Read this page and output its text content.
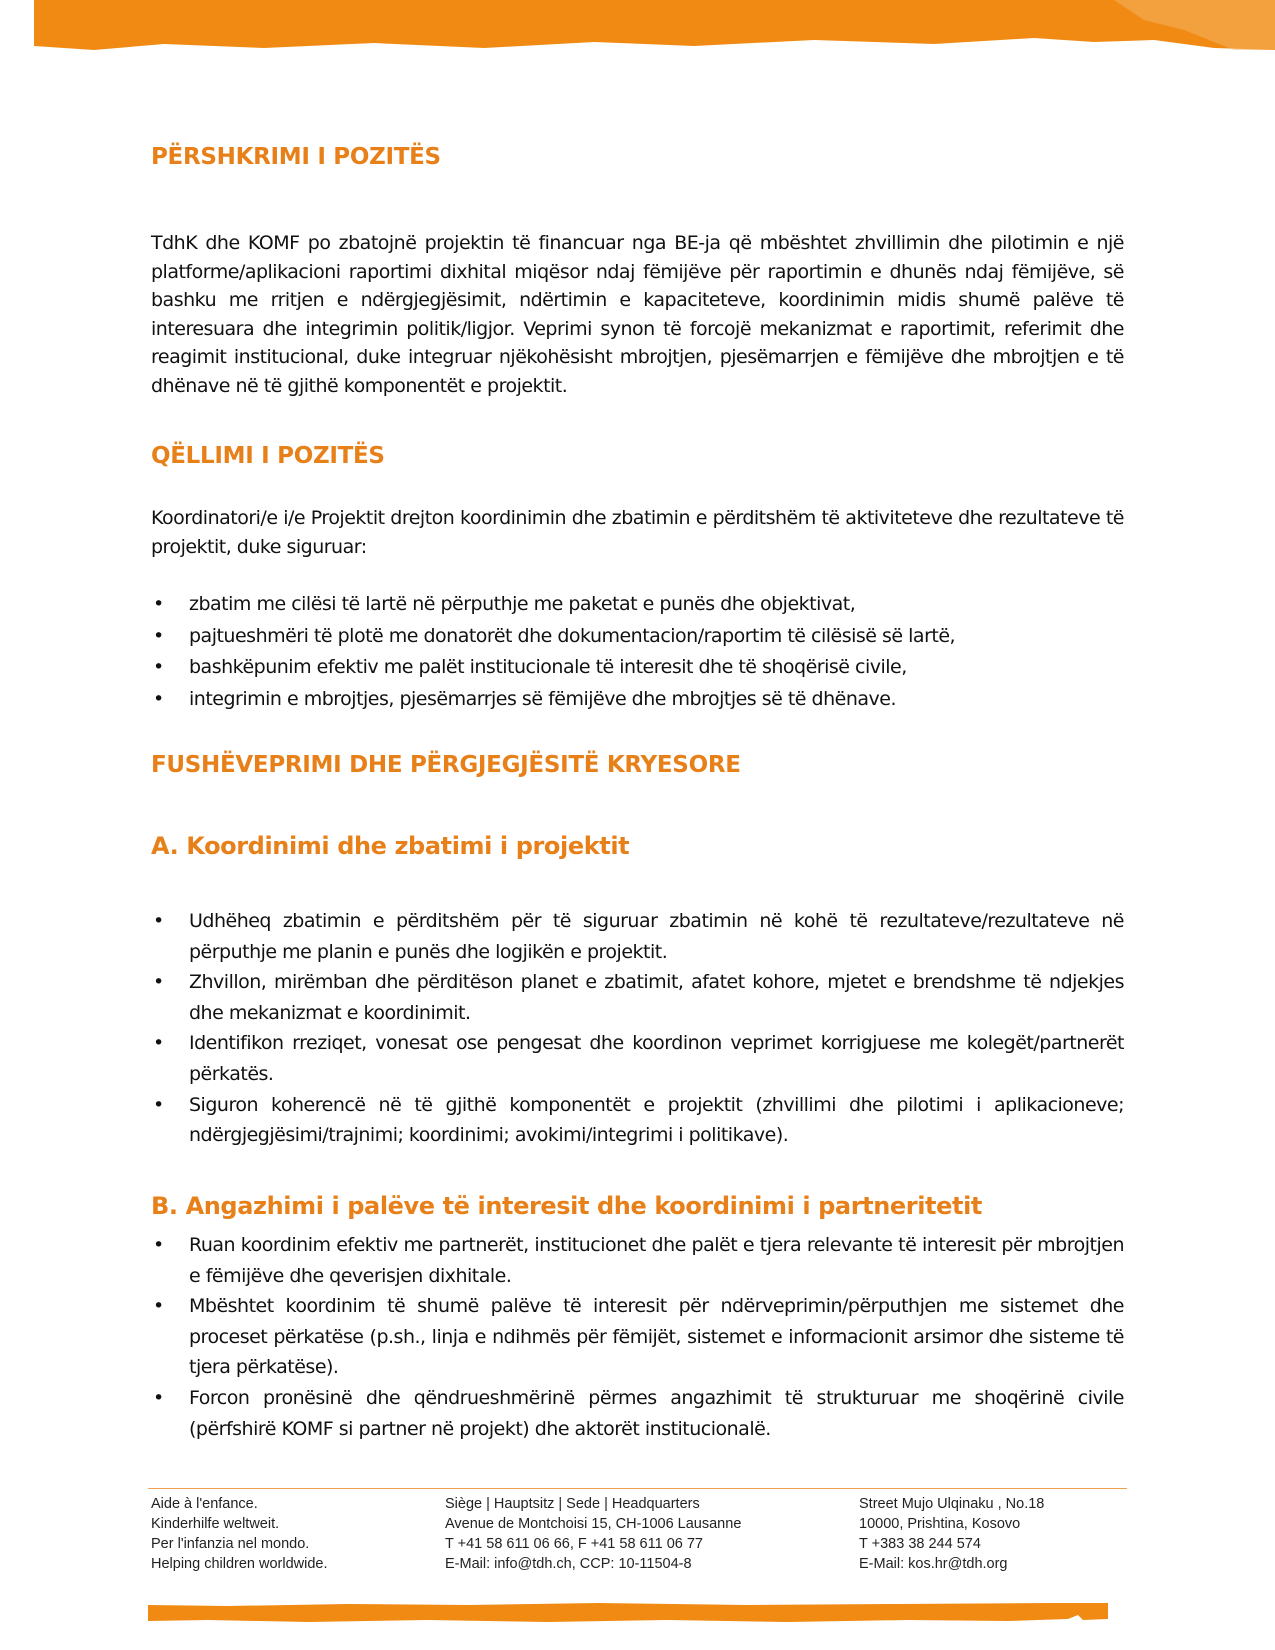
PËRSHKRIMI I POZITËS
TdhK dhe KOMF po zbatojnë projektin të financuar nga BE-ja që mbështet zhvillimin dhe pilotimin e një platforme/aplikacioni raportimi dixhital miqësor ndaj fëmijëve për raportimin e dhunës ndaj fëmijëve, së bashku me rritjen e ndërgjegjësimit, ndërtimin e kapaciteteve, koordinimin midis shumë palëve të interesuara dhe integrimin politik/ligjor. Veprimi synon të forcojë mekanizmat e raportimit, referimit dhe reagimit institucional, duke integruar njëkohësisht mbrojtjen, pjesëmarrjen e fëmijëve dhe mbrojtjen e të dhënave në të gjithë komponentët e projektit.
QËLLIMI I POZITËS
Koordinatori/e i/e Projektit drejton koordinimin dhe zbatimin e përditshëm të aktiviteteve dhe rezultateve të projektit, duke siguruar:
• zbatim me cilësi të lartë në përputhje me paketat e punës dhe objektivat,
• pajtueshmëri të plotë me donatorët dhe dokumentacion/raportim të cilësisë së lartë,
• bashkëpunim efektiv me palët institucionale të interesit dhe të shoqërisë civile,
• integrimin e mbrojtjes, pjesëmarrjes së fëmijëve dhe mbrojtjes së të dhënave.
FUSHËVEPRIMI DHE PËRGJEGJËSITË KRYESORE
A. Koordinimi dhe zbatimi i projektit
• Udhëheq zbatimin e përditshëm për të siguruar zbatimin në kohë të rezultateve/rezultateve në përputhje me planin e punës dhe logjikën e projektit.
• Zhvillon, mirëmban dhe përditëson planet e zbatimit, afatet kohore, mjetet e brendshme të ndjekjes dhe mekanizmat e koordinimit.
• Identifikon rreziqet, vonesat ose pengesat dhe koordinon veprimet korrigjuese me kolegët/partnerët përkatës.
• Siguron koherencë në të gjithë komponentët e projektit (zhvillimi dhe pilotimi i aplikacioneve; ndërgjegjësimi/trajnimi; koordinimi; avokimi/integrimi i politikave).
B. Angazhimi i palëve të interesit dhe koordinimi i partneritetit
• Ruan koordinim efektiv me partnerët, institucionet dhe palët e tjera relevante të interesit për mbrojtjen e fëmijëve dhe qeverisjen dixhitale.
• Mbështet koordinim të shumë palëve të interesit për ndërveprimin/përputhjen me sistemet dhe proceset përkatëse (p.sh., linja e ndihmës për fëmijët, sistemet e informacionit arsimor dhe sisteme të tjera përkatëse).
• Forcon pronësinë dhe qëndrueshmërinë përmes angazhimit të strukturuar me shoqërinë civile (përfshirë KOMF si partner në projekt) dhe aktorët institucionalë.
Aide à l'enfance.
Kinderhilfe weltweit.
Per l'infanzia nel mondo.
Helping children worldwide.
Siège | Hauptsitz | Sede | Headquarters
Avenue de Montchoisi 15, CH-1006 Lausanne
T +41 58 611 06 66, F +41 58 611 06 77
E-Mail: info@tdh.ch, CCP: 10-11504-8
Street Mujo Ulqinaku , No.18
10000, Prishtina, Kosovo
T +383 38 244 574
E-Mail: kos.hr@tdh.org
